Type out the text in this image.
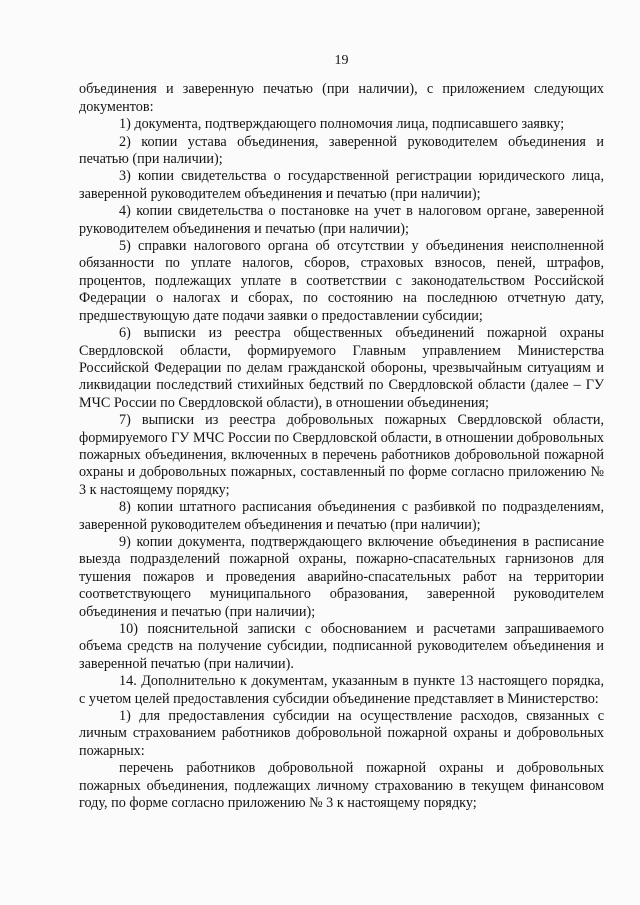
19

объединения и заверенную печатью (при наличии), с приложением следующих документов:

1) документа, подтверждающего полномочия лица, подписавшего заявку;

2) копии устава объединения, заверенной руководителем объединения и печатью (при наличии);

3) копии свидетельства о государственной регистрации юридического лица, заверенной руководителем объединения и печатью (при наличии);

4) копии свидетельства о постановке на учет в налоговом органе, заверенной руководителем объединения и печатью (при наличии);

5) справки налогового органа об отсутствии у объединения неисполненной обязанности по уплате налогов, сборов, страховых взносов, пеней, штрафов, процентов, подлежащих уплате в соответствии с законодательством Российской Федерации о налогах и сборах, по состоянию на последнюю отчетную дату, предшествующую дате подачи заявки о предоставлении субсидии;

6) выписки из реестра общественных объединений пожарной охраны Свердловской области, формируемого Главным управлением Министерства Российской Федерации по делам гражданской обороны, чрезвычайным ситуациям и ликвидации последствий стихийных бедствий по Свердловской области (далее – ГУ МЧС России по Свердловской области), в отношении объединения;

7) выписки из реестра добровольных пожарных Свердловской области, формируемого ГУ МЧС России по Свердловской области, в отношении добровольных пожарных объединения, включенных в перечень работников добровольной пожарной охраны и добровольных пожарных, составленный по форме согласно приложению № 3 к настоящему порядку;

8) копии штатного расписания объединения с разбивкой по подразделениям, заверенной руководителем объединения и печатью (при наличии);

9) копии документа, подтверждающего включение объединения в расписание выезда подразделений пожарной охраны, пожарно-спасательных гарнизонов для тушения пожаров и проведения аварийно-спасательных работ на территории соответствующего муниципального образования, заверенной руководителем объединения и печатью (при наличии);

10) пояснительной записки с обоснованием и расчетами запрашиваемого объема средств на получение субсидии, подписанной руководителем объединения и заверенной печатью (при наличии).

14. Дополнительно к документам, указанным в пункте 13 настоящего порядка, с учетом целей предоставления субсидии объединение представляет в Министерство:

1) для предоставления субсидии на осуществление расходов, связанных с личным страхованием работников добровольной пожарной охраны и добровольных пожарных:

перечень работников добровольной пожарной охраны и добровольных пожарных объединения, подлежащих личному страхованию в текущем финансовом году, по форме согласно приложению № 3 к настоящему порядку;
